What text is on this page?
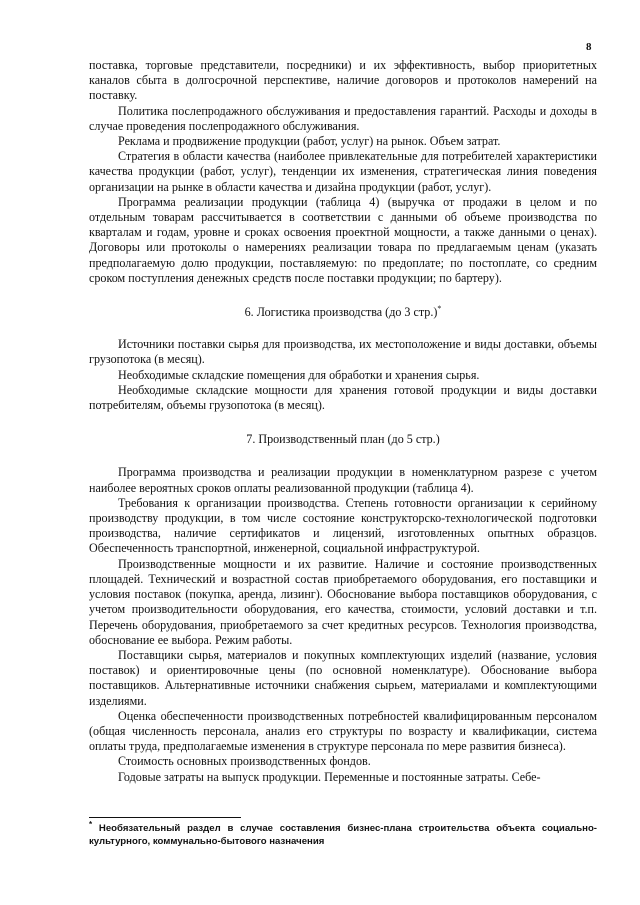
8

поставка, торговые представители, посредники) и их эффективность, выбор приоритетных каналов сбыта в долгосрочной перспективе, наличие договоров и протоколов намерений на поставку.

Политика послепродажного обслуживания и предоставления гарантий. Расходы и доходы в случае проведения послепродажного обслуживания.

Реклама и продвижение продукции (работ, услуг) на рынок. Объем затрат.

Стратегия в области качества (наиболее привлекательные для потребителей характеристики качества продукции (работ, услуг), тенденции их изменения, стратегическая линия поведения организации на рынке в области качества и дизайна продукции (работ, услуг).

Программа реализации продукции (таблица 4) (выручка от продажи в целом и по отдельным товарам рассчитывается в соответствии с данными об объеме производства по кварталам и годам, уровне и сроках освоения проектной мощности, а также данными о ценах). Договоры или протоколы о намерениях реализации товара по предлагаемым ценам (указать предполагаемую долю продукции, поставляемую: по предоплате; по постоплате, со средним сроком поступления денежных средств после поставки продукции; по бартеру).

6. Логистика производства (до 3 стр.)*

Источники поставки сырья для производства, их местоположение и виды доставки, объемы грузопотока (в месяц).

Необходимые складские помещения для обработки и хранения сырья.

Необходимые складские мощности для хранения готовой продукции и виды доставки потребителям, объемы грузопотока (в месяц).

7. Производственный план (до 5 стр.)

Программа производства и реализации продукции в номенклатурном разрезе с учетом наиболее вероятных сроков оплаты реализованной продукции (таблица 4).

Требования к организации производства. Степень готовности организации к серийному производству продукции, в том числе состояние конструкторско-технологической подготовки производства, наличие сертификатов и лицензий, изготовленных опытных образцов. Обеспеченность транспортной, инженерной, социальной инфраструктурой.

Производственные мощности и их развитие. Наличие и состояние производственных площадей. Технический и возрастной состав приобретаемого оборудования, его поставщики и условия поставок (покупка, аренда, лизинг). Обоснование выбора поставщиков оборудования, с учетом производительности оборудования, его качества, стоимости, условий доставки и т.п. Перечень оборудования, приобретаемого за счет кредитных ресурсов. Технология производства, обоснование ее выбора. Режим работы.

Поставщики сырья, материалов и покупных комплектующих изделий (название, условия поставок) и ориентировочные цены (по основной номенклатуре). Обоснование выбора поставщиков. Альтернативные источники снабжения сырьем, материалами и комплектующими изделиями.

Оценка обеспеченности производственных потребностей квалифицированным персоналом (общая численность персонала, анализ его структуры по возрасту и квалификации, система оплаты труда, предполагаемые изменения в структуре персонала по мере развития бизнеса).

Стоимость основных производственных фондов.

Годовые затраты на выпуск продукции. Переменные и постоянные затраты. Себе-

* Необязательный раздел в случае составления бизнес-плана строительства объекта социально-культурного, коммунально-бытового назначения
